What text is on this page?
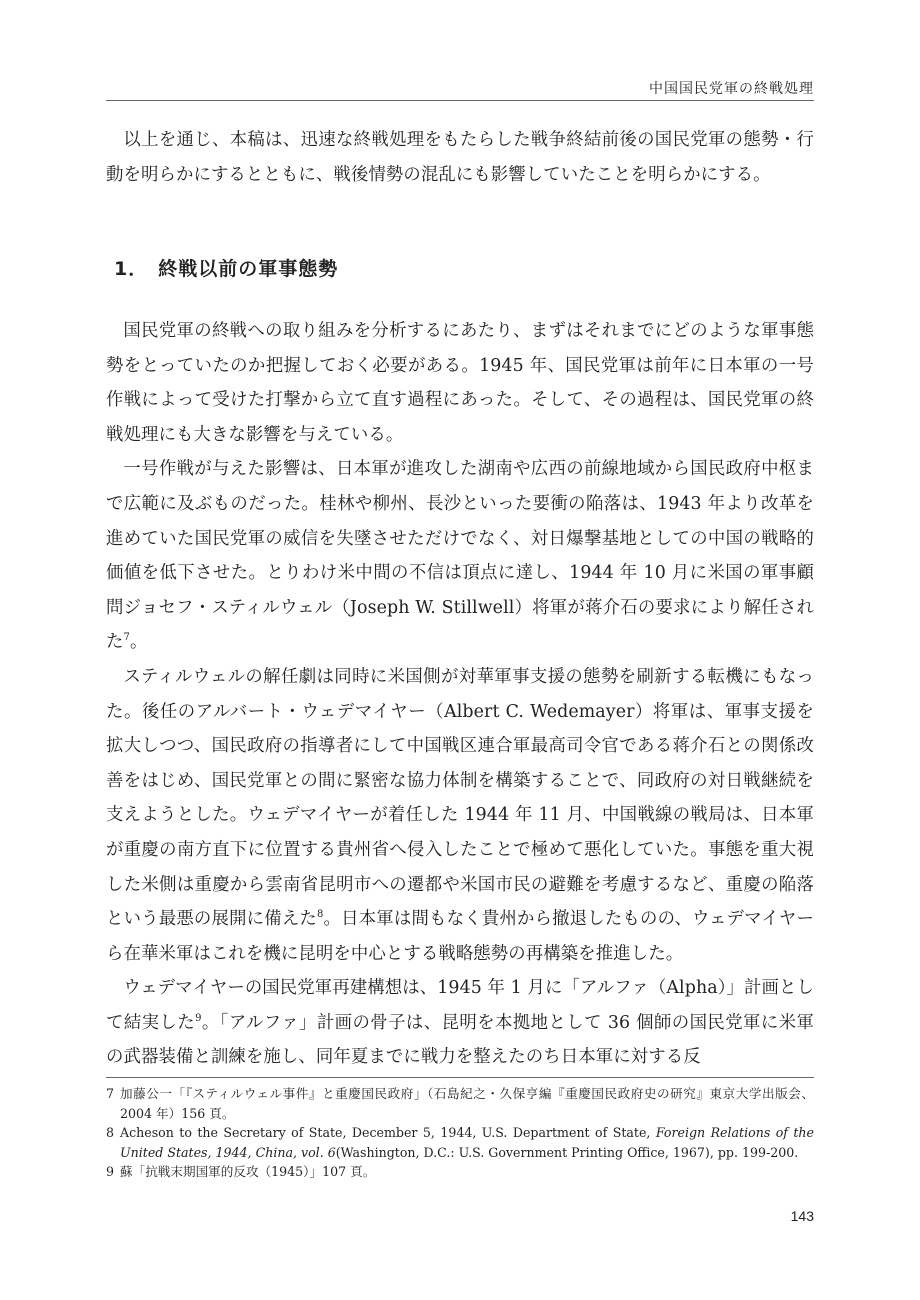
中国国民党軍の終戦処理

以上を通じ、本稿は、迅速な終戦処理をもたらした戦争終結前後の国民党軍の態勢・行動を明らかにするとともに、戦後情勢の混乱にも影響していたことを明らかにする。

1． 終戦以前の軍事態勢

国民党軍の終戦への取り組みを分析するにあたり、まずはそれまでにどのような軍事態勢をとっていたのか把握しておく必要がある。1945 年、国民党軍は前年に日本軍の一号作戦によって受けた打撃から立て直す過程にあった。そして、その過程は、国民党軍の終戦処理にも大きな影響を与えている。

一号作戦が与えた影響は、日本軍が進攻した湖南や広西の前線地域から国民政府中枢まで広範に及ぶものだった。桂林や柳州、長沙といった要衝の陥落は、1943 年より改革を進めていた国民党軍の威信を失墜させただけでなく、対日爆撃基地としての中国の戦略的価値を低下させた。とりわけ米中間の不信は頂点に達し、1944 年 10 月に米国の軍事顧問ジョセフ・スティルウェル（Joseph W. Stillwell）将軍が蒋介石の要求により解任された$^7$。

スティルウェルの解任劇は同時に米国側が対華軍事支援の態勢を刷新する転機にもなった。後任のアルバート・ウェデマイヤー（Albert C. Wedemayer）将軍は、軍事支援を拡大しつつ、国民政府の指導者にして中国戦区連合軍最高司令官である蒋介石との関係改善をはじめ、国民党軍との間に緊密な協力体制を構築することで、同政府の対日戦継続を支えようとした。ウェデマイヤーが着任した 1944 年 11 月、中国戦線の戦局は、日本軍が重慶の南方直下に位置する貴州省へ侵入したことで極めて悪化していた。事態を重大視した米側は重慶から雲南省昆明市への遷都や米国市民の避難を考慮するなど、重慶の陥落という最悪の展開に備えた$^8$。日本軍は間もなく貴州から撤退したものの、ウェデマイヤーら在華米軍はこれを機に昆明を中心とする戦略態勢の再構築を推進した。

ウェデマイヤーの国民党軍再建構想は、1945 年 1 月に「アルファ（Alpha）」計画として結実した$^9$。「アルファ」計画の骨子は、昆明を本拠地として 36 個師の国民党軍に米軍の武器装備と訓練を施し、同年夏までに戦力を整えたのち日本軍に対する反

7 加藤公一「『スティルウェル事件』と重慶国民政府」（石島紀之・久保亨編『重慶国民政府史の研究』東京大学出版会、2004 年）156 頁。
8 Acheson to the Secretary of State, December 5, 1944, U.S. Department of State, Foreign Relations of the United States, 1944, China, vol. 6(Washington, D.C.: U.S. Government Printing Office, 1967), pp. 199-200.
9 蘇「抗戦末期国軍的反攻（1945）」107 頁。
143
